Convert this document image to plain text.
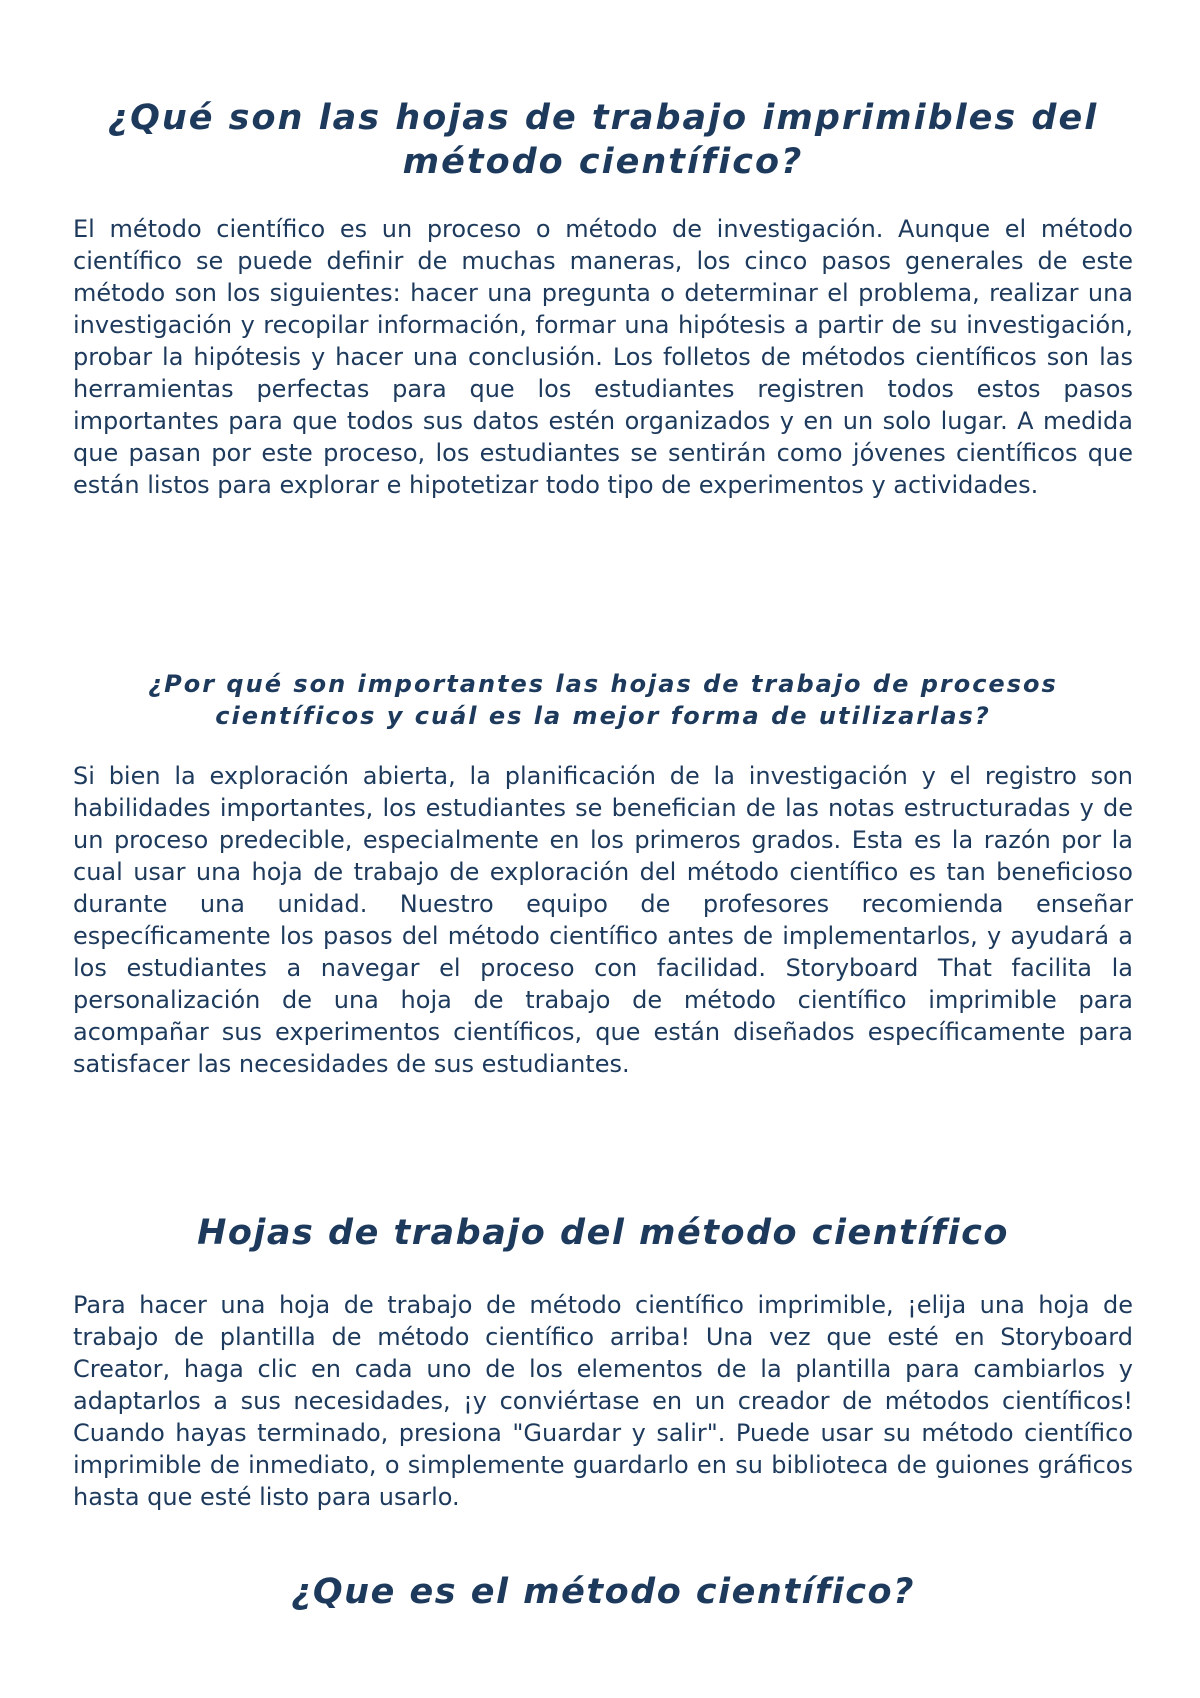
¿Qué son las hojas de trabajo imprimibles del método científico?

El método científico es un proceso o método de investigación. Aunque el método científico se puede definir de muchas maneras, los cinco pasos generales de este método son los siguientes: hacer una pregunta o determinar el problema, realizar una investigación y recopilar información, formar una hipótesis a partir de su investigación, probar la hipótesis y hacer una conclusión. Los folletos de métodos científicos son las herramientas perfectas para que los estudiantes registren todos estos pasos importantes para que todos sus datos estén organizados y en un solo lugar. A medida que pasan por este proceso, los estudiantes se sentirán como jóvenes científicos que están listos para explorar e hipotetizar todo tipo de experimentos y actividades.

¿Por qué son importantes las hojas de trabajo de procesos científicos y cuál es la mejor forma de utilizarlas?

Si bien la exploración abierta, la planificación de la investigación y el registro son habilidades importantes, los estudiantes se benefician de las notas estructuradas y de un proceso predecible, especialmente en los primeros grados. Esta es la razón por la cual usar una hoja de trabajo de exploración del método científico es tan beneficioso durante una unidad. Nuestro equipo de profesores recomienda enseñar específicamente los pasos del método científico antes de implementarlos, y ayudará a los estudiantes a navegar el proceso con facilidad. Storyboard That facilita la personalización de una hoja de trabajo de método científico imprimible para acompañar sus experimentos científicos, que están diseñados específicamente para satisfacer las necesidades de sus estudiantes.

Hojas de trabajo del método científico

Para hacer una hoja de trabajo de método científico imprimible, ¡elija una hoja de trabajo de plantilla de método científico arriba! Una vez que esté en Storyboard Creator, haga clic en cada uno de los elementos de la plantilla para cambiarlos y adaptarlos a sus necesidades, ¡y conviértase en un creador de métodos científicos! Cuando hayas terminado, presiona "Guardar y salir". Puede usar su método científico imprimible de inmediato, o simplemente guardarlo en su biblioteca de guiones gráficos hasta que esté listo para usarlo.

¿Que es el método científico?
